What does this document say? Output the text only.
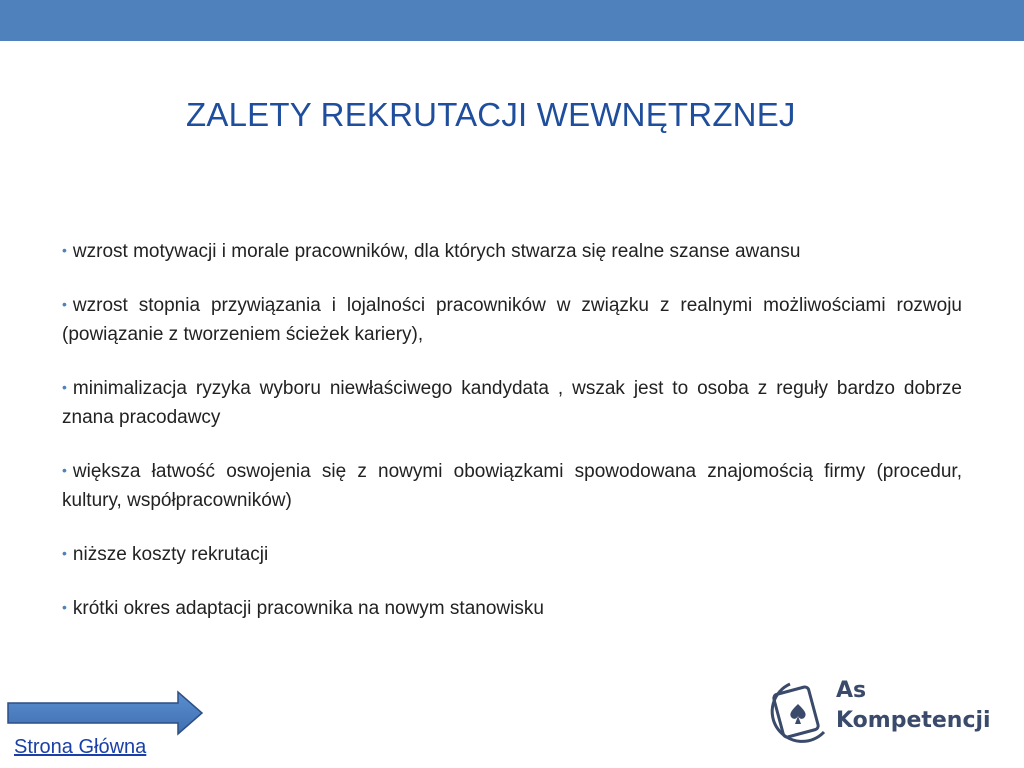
ZALETY REKRUTACJI WEWNĘTRZNEJ
• wzrost motywacji i morale pracowników, dla których stwarza się realne szanse awansu
• wzrost stopnia przywiązania i lojalności pracowników w związku z realnymi możliwościami rozwoju (powiązanie z tworzeniem ścieżek kariery),
• minimalizacja ryzyka wyboru niewłaściwego kandydata , wszak jest to osoba z reguły bardzo dobrze znana pracodawcy
• większa łatwość oswojenia się z nowymi obowiązkami spowodowana znajomością firmy (procedur, kultury, współpracowników)
• niższe koszty rekrutacji
• krótki okres adaptacji pracownika na nowym stanowisku
Strona Główna
As
Kompetencji
